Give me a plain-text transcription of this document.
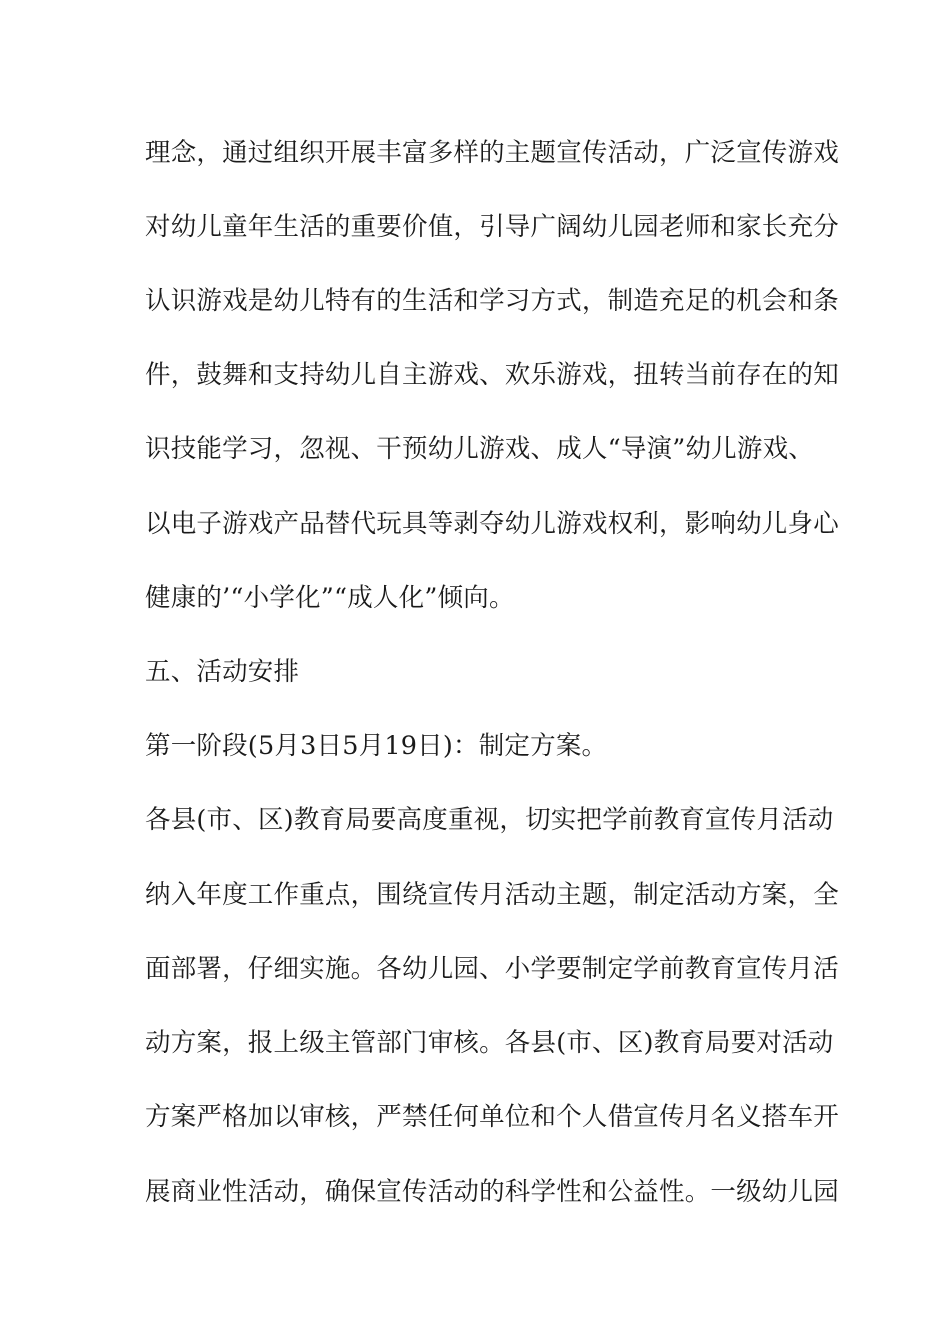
理念，通过组织开展丰富多样的主题宣传活动，广泛宣传游戏
对幼儿童年生活的重要价值，引导广阔幼儿园老师和家长充分
认识游戏是幼儿特有的生活和学习方式，制造充足的机会和条
件，鼓舞和支持幼儿自主游戏、欢乐游戏，扭转当前存在的知
识技能学习，忽视、干预幼儿游戏、成人“导演”幼儿游戏、
以电子游戏产品替代玩具等剥夺幼儿游戏权利，影响幼儿身心
健康的’“小学化”“成人化”倾向。
五、活动安排
第一阶段(5月3日5月19日)：制定方案。
各县(市、区)教育局要高度重视，切实把学前教育宣传月活动
纳入年度工作重点，围绕宣传月活动主题，制定活动方案，全
面部署，仔细实施。各幼儿园、小学要制定学前教育宣传月活
动方案，报上级主管部门审核。各县(市、区)教育局要对活动
方案严格加以审核，严禁任何单位和个人借宣传月名义搭车开
展商业性活动，确保宣传活动的科学性和公益性。一级幼儿园
